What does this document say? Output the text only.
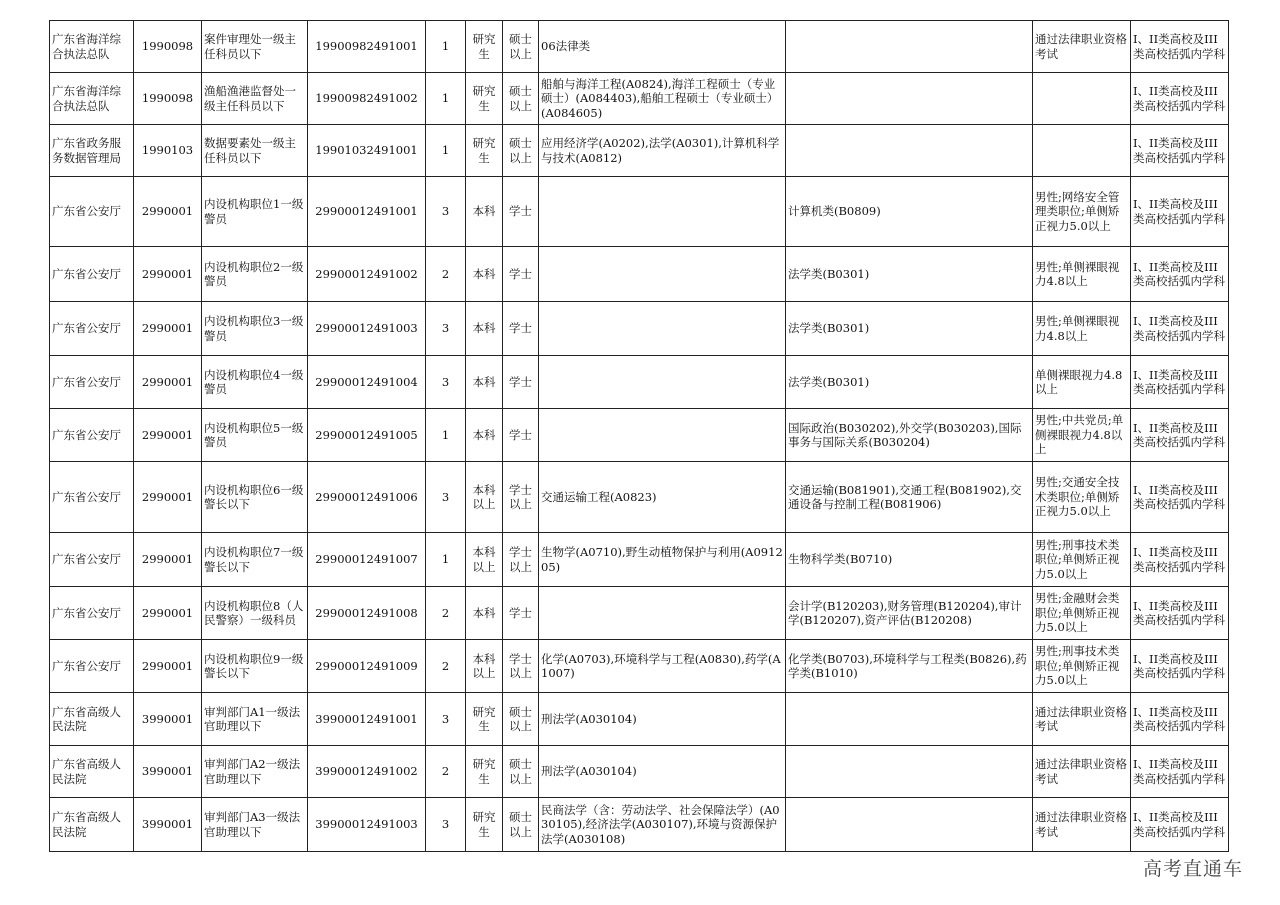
广东省海洋综合执法总队	1990098	案件审理处一级主任科员以下	19900982491001	1	研究生	硕士以上	06法律类		通过法律职业资格考试	I、II类高校及III类高校括弧内学科
广东省海洋综合执法总队	1990098	渔船渔港监督处一级主任科员以下	19900982491002	1	研究生	硕士以上	船舶与海洋工程(A0824),海洋工程硕士（专业硕士）(A084403),船舶工程硕士（专业硕士）(A084605)			I、II类高校及III类高校括弧内学科
广东省政务服务数据管理局	1990103	数据要素处一级主任科员以下	19901032491001	1	研究生	硕士以上	应用经济学(A0202),法学(A0301),计算机科学与技术(A0812)			I、II类高校及III类高校括弧内学科
广东省公安厅	2990001	内设机构职位1一级警员	29900012491001	3	本科	学士		计算机类(B0809)	男性;网络安全管理类职位;单侧矫正视力5.0以上	I、II类高校及III类高校括弧内学科
广东省公安厅	2990001	内设机构职位2一级警员	29900012491002	2	本科	学士		法学类(B0301)	男性;单侧裸眼视力4.8以上	I、II类高校及III类高校括弧内学科
广东省公安厅	2990001	内设机构职位3一级警员	29900012491003	3	本科	学士		法学类(B0301)	男性;单侧裸眼视力4.8以上	I、II类高校及III类高校括弧内学科
广东省公安厅	2990001	内设机构职位4一级警员	29900012491004	3	本科	学士		法学类(B0301)	单侧裸眼视力4.8以上	I、II类高校及III类高校括弧内学科
广东省公安厅	2990001	内设机构职位5一级警员	29900012491005	1	本科	学士		国际政治(B030202),外交学(B030203),国际事务与国际关系(B030204)	男性;中共党员;单侧裸眼视力4.8以上	I、II类高校及III类高校括弧内学科
广东省公安厅	2990001	内设机构职位6一级警长以下	29900012491006	3	本科以上	学士以上	交通运输工程(A0823)	交通运输(B081901),交通工程(B081902),交通设备与控制工程(B081906)	男性;交通安全技术类职位;单侧矫正视力5.0以上	I、II类高校及III类高校括弧内学科
广东省公安厅	2990001	内设机构职位7一级警长以下	29900012491007	1	本科以上	学士以上	生物学(A0710),野生动植物保护与利用(A091205)	生物科学类(B0710)	男性;刑事技术类职位;单侧矫正视力5.0以上	I、II类高校及III类高校括弧内学科
广东省公安厅	2990001	内设机构职位8（人民警察）一级科员	29900012491008	2	本科	学士		会计学(B120203),财务管理(B120204),审计学(B120207),资产评估(B120208)	男性;金融财会类职位;单侧矫正视力5.0以上	I、II类高校及III类高校括弧内学科
广东省公安厅	2990001	内设机构职位9一级警长以下	29900012491009	2	本科以上	学士以上	化学(A0703),环境科学与工程(A0830),药学(A1007)	化学类(B0703),环境科学与工程类(B0826),药学类(B1010)	男性;刑事技术类职位;单侧矫正视力5.0以上	I、II类高校及III类高校括弧内学科
广东省高级人民法院	3990001	审判部门A1一级法官助理以下	39900012491001	3	研究生	硕士以上	刑法学(A030104)		通过法律职业资格考试	I、II类高校及III类高校括弧内学科
广东省高级人民法院	3990001	审判部门A2一级法官助理以下	39900012491002	2	研究生	硕士以上	刑法学(A030104)		通过法律职业资格考试	I、II类高校及III类高校括弧内学科
广东省高级人民法院	3990001	审判部门A3一级法官助理以下	39900012491003	3	研究生	硕士以上	民商法学（含：劳动法学、社会保障法学）(A030105),经济法学(A030107),环境与资源保护法学(A030108)		通过法律职业资格考试	I、II类高校及III类高校括弧内学科
高考直通车
